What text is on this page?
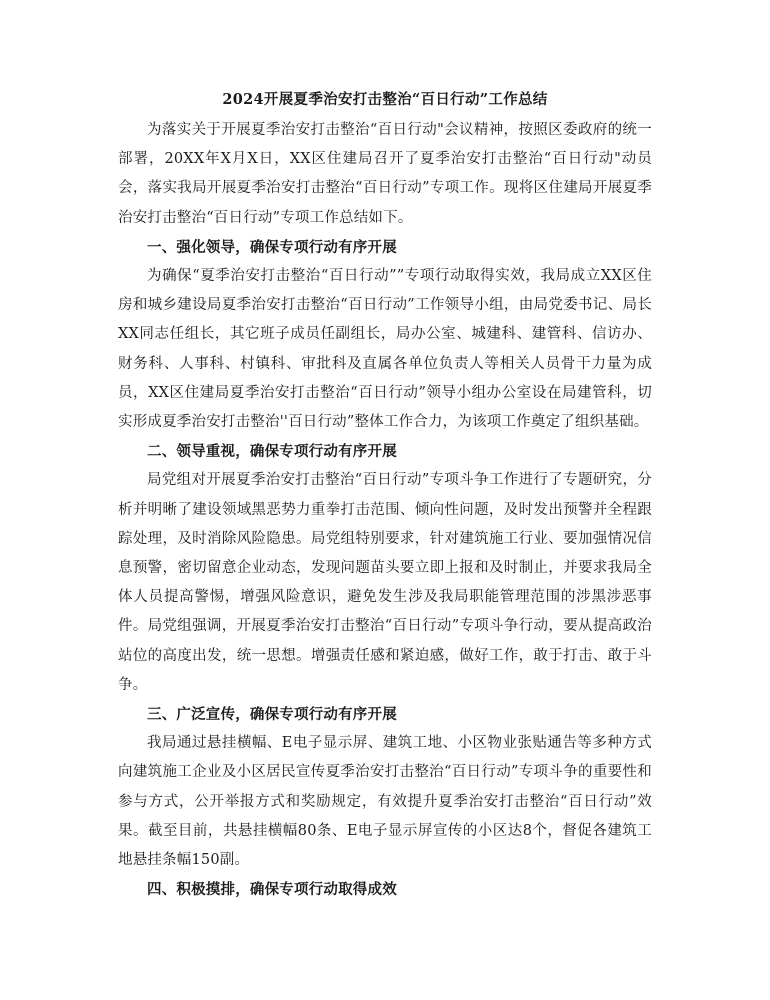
2024开展夏季治安打击整治“百日行动”工作总结

为落实关于开展夏季治安打击整治“百日行动"会议精神，按照区委政府的统一部署，20XX年X月X日，XX区住建局召开了夏季治安打击整治“百日行动"动员会，落实我局开展夏季治安打击整治“百日行动”专项工作。现将区住建局开展夏季治安打击整治“百日行动”专项工作总结如下。

一、强化领导，确保专项行动有序开展

为确保“夏季治安打击整治“百日行动””专项行动取得实效，我局成立XX区住房和城乡建设局夏季治安打击整治“百日行动”工作领导小组，由局党委书记、局长XX同志任组长，其它班子成员任副组长，局办公室、城建科、建管科、信访办、财务科、人事科、村镇科、审批科及直属各单位负责人等相关人员骨干力量为成员，XX区住建局夏季治安打击整治“百日行动”领导小组办公室设在局建管科，切实形成夏季治安打击整治''百日行动”整体工作合力，为该项工作奠定了组织基础。

二、领导重视，确保专项行动有序开展

局党组对开展夏季治安打击整治“百日行动”专项斗争工作进行了专题研究，分析并明晰了建设领域黑恶势力重拳打击范围、倾向性问题，及时发出预警并全程跟踪处理，及时消除风险隐患。局党组特别要求，针对建筑施工行业、要加强情况信息预警，密切留意企业动态，发现问题苗头要立即上报和及时制止，并要求我局全体人员提高警惕，增强风险意识，避免发生涉及我局职能管理范围的涉黑涉恶事件。局党组强调，开展夏季治安打击整治“百日行动”专项斗争行动，要从提高政治站位的高度出发，统一思想。增强责任感和紧迫感，做好工作，敢于打击、敢于斗争。

三、广泛宣传，确保专项行动有序开展

我局通过悬挂横幅、E电子显示屏、建筑工地、小区物业张贴通告等多种方式向建筑施工企业及小区居民宣传夏季治安打击整治“百日行动”专项斗争的重要性和参与方式，公开举报方式和奖励规定，有效提升夏季治安打击整治“百日行动”效果。截至目前，共悬挂横幅80条、E电子显示屏宣传的小区达8个，督促各建筑工地悬挂条幅150副。

四、积极摸排，确保专项行动取得成效
